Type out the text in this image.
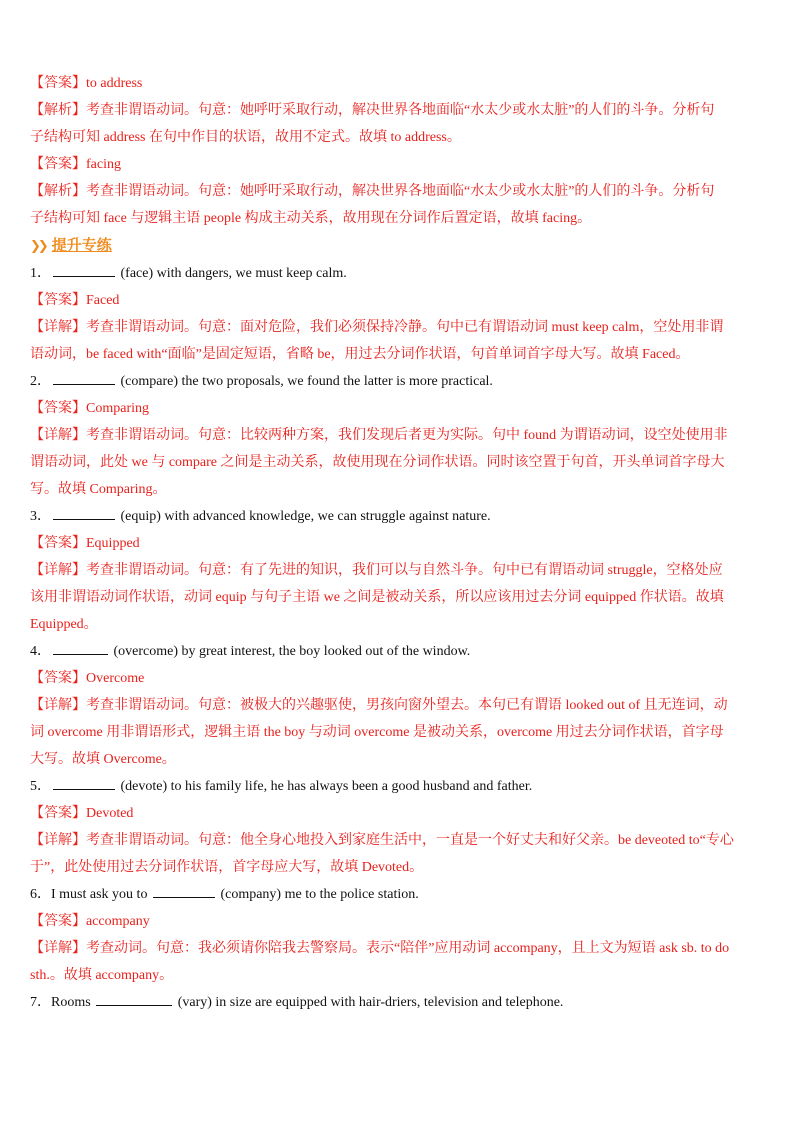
【答案】to address

【解析】考查非谓语动词。句意：她呼吁采取行动，解决世界各地面临“水太少或水太脏”的人们的斗争。分析句

子结构可知 address 在句中作目的状语，故用不定式。故填 to address。

【答案】facing

【解析】考查非谓语动词。句意：她呼吁采取行动，解决世界各地面临“水太少或水太脏”的人们的斗争。分析句

子结构可知 face 与逻辑主语 people 构成主动关系，故用现在分词作后置定语，故填 facing。

❯❯ 提升专练

1．	(face) with dangers, we must keep calm.

【答案】Faced

【详解】考查非谓语动词。句意：面对危险，我们必须保持冷静。句中已有谓语动词 must keep calm，空处用非谓

语动词，be faced with“面临”是固定短语，省略 be，用过去分词作状语，句首单词首字母大写。故填 Faced。

2．	(compare) the two proposals, we found the latter is more practical.

【答案】Comparing

【详解】考查非谓语动词。句意：比较两种方案，我们发现后者更为实际。句中 found 为谓语动词，设空处使用非

谓语动词，此处 we 与 compare 之间是主动关系，故使用现在分词作状语。同时该空置于句首，开头单词首字母大

写。故填 Comparing。

3．	(equip) with advanced knowledge, we can struggle against nature.

【答案】Equipped

【详解】考查非谓语动词。句意：有了先进的知识，我们可以与自然斗争。句中已有谓语动词 struggle，空格处应

该用非谓语动词作状语，动词 equip 与句子主语 we 之间是被动关系，所以应该用过去分词 equipped 作状语。故填

Equipped。

4．	(overcome) by great interest, the boy looked out of the window.

【答案】Overcome

【详解】考查非谓语动词。句意：被极大的兴趣驱使，男孩向窗外望去。本句已有谓语 looked out of 且无连词，动

词 overcome 用非谓语形式，逻辑主语 the boy 与动词 overcome 是被动关系，overcome 用过去分词作状语，首字母

大写。故填 Overcome。

5．	(devote) to his family life, he has always been a good husband and father.

【答案】Devoted

【详解】考查非谓语动词。句意：他全身心地投入到家庭生活中，一直是一个好丈夫和好父亲。be deveoted to“专心

于”，此处使用过去分词作状语，首字母应大写，故填 Devoted。

6．I must ask you to	(company) me to the police station.

【答案】accompany

【详解】考查动词。句意：我必须请你陪我去警察局。表示“陪伴”应用动词 accompany，且上文为短语 ask sb. to do

sth.。故填 accompany。

7．Rooms	(vary) in size are equipped with hair-driers, television and telephone.
